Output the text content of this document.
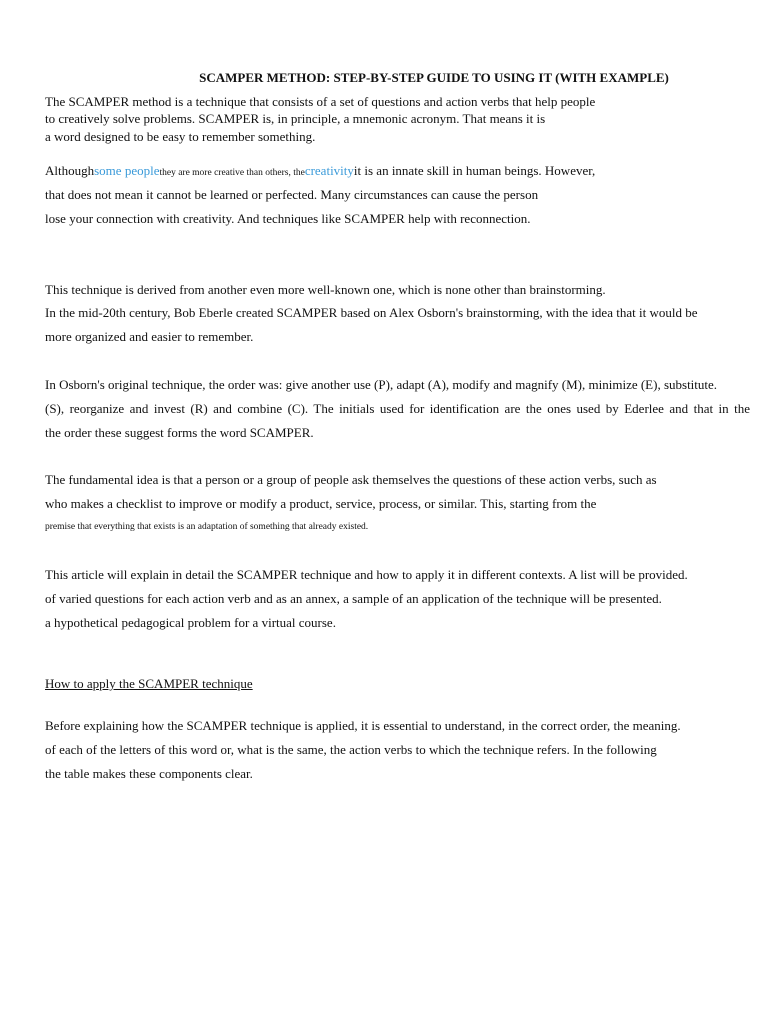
SCAMPER METHOD: STEP-BY-STEP GUIDE TO USING IT (WITH EXAMPLE)
The SCAMPER method is a technique that consists of a set of questions and action verbs that help people
to creatively solve problems. SCAMPER is, in principle, a mnemonic acronym. That means it is
a word designed to be easy to remember something.
Althoughsome peoplethey are more creative than others, thecreativityit is an innate skill in human beings. However,
that does not mean it cannot be learned or perfected. Many circumstances can cause the person
lose your connection with creativity. And techniques like SCAMPER help with reconnection.
This technique is derived from another even more well-known one, which is none other than brainstorming.
In the mid-20th century, Bob Eberle created SCAMPER based on Alex Osborn's brainstorming, with the idea that it would be
more organized and easier to remember.
In Osborn's original technique, the order was: give another use (P), adapt (A), modify and magnify (M), minimize (E), substitute.
(S), reorganize and invest (R) and combine (C). The initials used for identification are the ones used by Ederlee and that in the
the order these suggest forms the word SCAMPER.
The fundamental idea is that a person or a group of people ask themselves the questions of these action verbs, such as
who makes a checklist to improve or modify a product, service, process, or similar. This, starting from the
premise that everything that exists is an adaptation of something that already existed.
This article will explain in detail the SCAMPER technique and how to apply it in different contexts. A list will be provided.
of varied questions for each action verb and as an annex, a sample of an application of the technique will be presented.
a hypothetical pedagogical problem for a virtual course.
How to apply the SCAMPER technique
Before explaining how the SCAMPER technique is applied, it is essential to understand, in the correct order, the meaning.
of each of the letters of this word or, what is the same, the action verbs to which the technique refers. In the following
the table makes these components clear.
